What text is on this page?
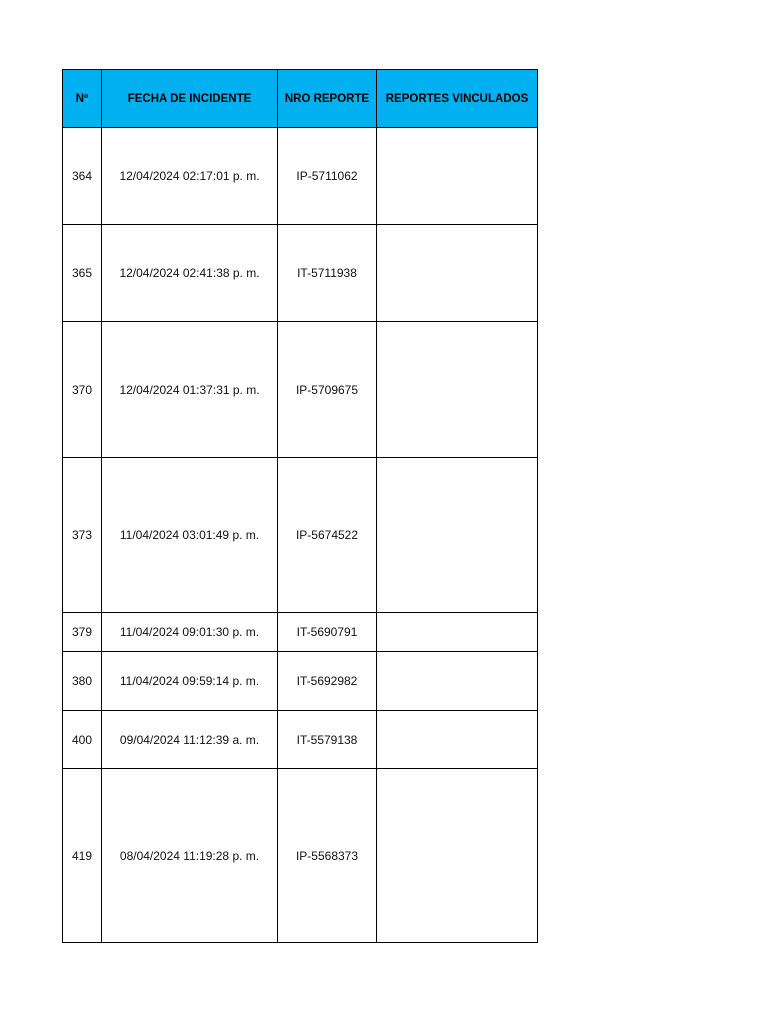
Nº	FECHA DE INCIDENTE	NRO REPORTE	REPORTES VINCULADOS
364	12/04/2024 02:17:01 p. m.	IP-5711062	
365	12/04/2024 02:41:38 p. m.	IT-5711938	
370	12/04/2024 01:37:31 p. m.	IP-5709675	
373	11/04/2024 03:01:49 p. m.	IP-5674522	
379	11/04/2024 09:01:30 p. m.	IT-5690791	
380	11/04/2024 09:59:14 p. m.	IT-5692982	
400	09/04/2024 11:12:39 a. m.	IT-5579138	
419	08/04/2024 11:19:28 p. m.	IP-5568373	
